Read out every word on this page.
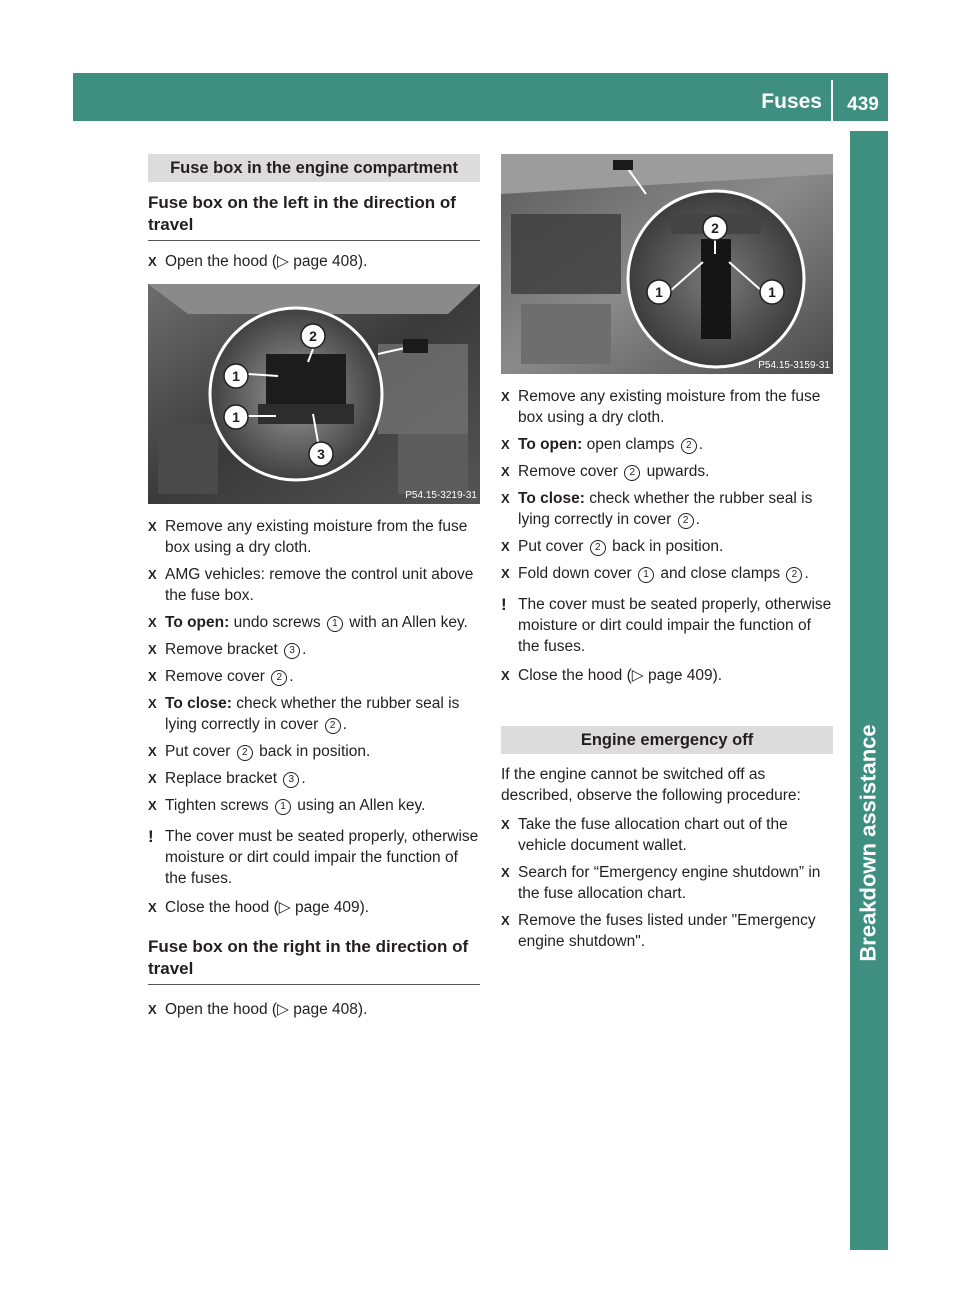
Fuses	439
Breakdown assistance
Fuse box in the engine compartment
Fuse box on the left in the direction of travel
X Open the hood (▷ page 408).
2
1
1
3
P54.15-3219-31
X Remove any existing moisture from the fuse box using a dry cloth.
X AMG vehicles: remove the control unit above the fuse box.
X To open: undo screws 1 with an Allen key.
X Remove bracket 3 .
X Remove cover 2 .
X To close: check whether the rubber seal is lying correctly in cover 2 .
X Put cover 2 back in position.
X Replace bracket 3 .
X Tighten screws 1 using an Allen key.
! The cover must be seated properly, otherwise moisture or dirt could impair the function of the fuses.
X Close the hood (▷ page 409).
Fuse box on the right in the direction of travel
X Open the hood (▷ page 408).
2
1	1
P54.15-3159-31
X Remove any existing moisture from the fuse box using a dry cloth.
X To open: open clamps 2 .
X Remove cover 2 upwards.
X To close: check whether the rubber seal is lying correctly in cover 2 .
X Put cover 2 back in position.
X Fold down cover 1 and close clamps 2 .
! The cover must be seated properly, otherwise moisture or dirt could impair the function of the fuses.
X Close the hood (▷ page 409).
Engine emergency off
If the engine cannot be switched off as described, observe the following procedure:
X Take the fuse allocation chart out of the vehicle document wallet.
X Search for “Emergency engine shutdown” in the fuse allocation chart.
X Remove the fuses listed under "Emergency engine shutdown".
